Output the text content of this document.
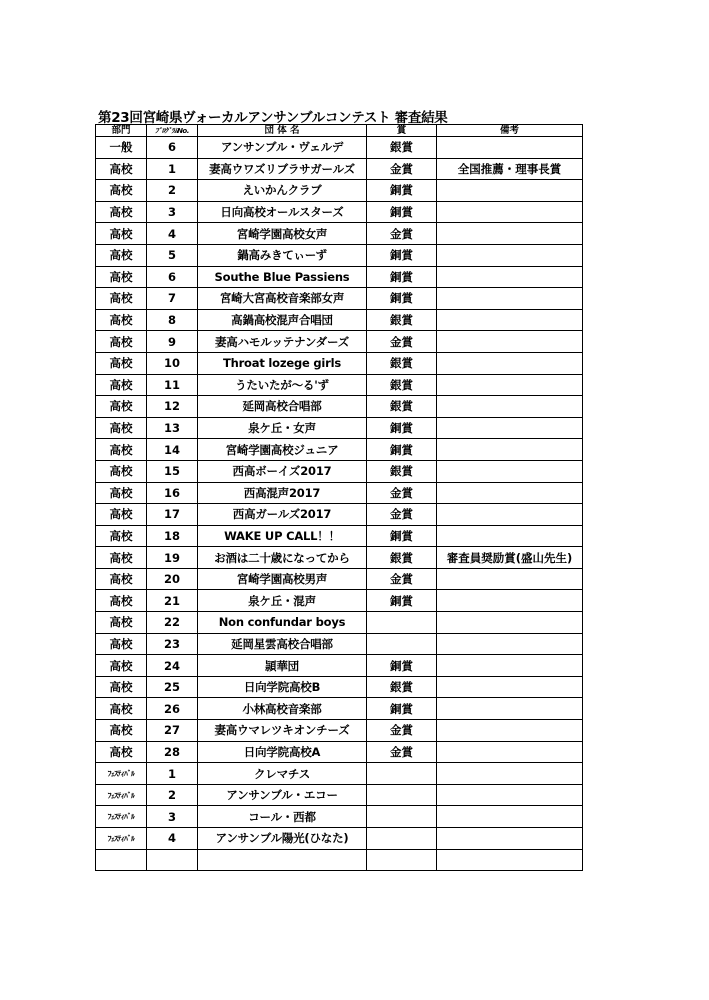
第23回宮崎県ヴォーカルアンサンブルコンテスト 審査結果
部門	ﾌﾟﾛｸﾞﾗﾑNo.	団 体 名	賞	備考
一般	6	アンサンブル・ヴェルデ	銀賞	
高校	1	妻高ウワズリブラサガールズ	金賞	全国推薦・理事長賞
高校	2	えいかんクラブ	銅賞	
高校	3	日向高校オールスターズ	銅賞	
高校	4	宮崎学園高校女声	金賞	
高校	5	鍋高みきてぃーず	銅賞	
高校	6	Southe Blue Passiens	銅賞	
高校	7	宮崎大宮高校音楽部女声	銅賞	
高校	8	高鍋高校混声合唱団	銀賞	
高校	9	妻高ハモルッテナンダーズ	金賞	
高校	10	Throat lozege girls	銀賞	
高校	11	うたいたが～る'ず	銀賞	
高校	12	延岡高校合唱部	銀賞	
高校	13	泉ケ丘・女声	銅賞	
高校	14	宮崎学園高校ジュニア	銅賞	
高校	15	西高ボーイズ2017	銀賞	
高校	16	西高混声2017	金賞	
高校	17	西高ガールズ2017	金賞	
高校	18	WAKE UP CALL！！	銅賞	
高校	19	お酒は二十歳になってから	銀賞	審査員奨励賞(盛山先生)
高校	20	宮崎学園高校男声	金賞	
高校	21	泉ケ丘・混声	銅賞	
高校	22	Non confundar boys		
高校	23	延岡星雲高校合唱部		
高校	24	頴華団	銅賞	
高校	25	日向学院高校B	銀賞	
高校	26	小林高校音楽部	銅賞	
高校	27	妻高ウマレツキオンチーズ	金賞	
高校	28	日向学院高校A	金賞	
ﾌｪｽﾃｨﾊﾞﾙ	1	クレマチス		
ﾌｪｽﾃｨﾊﾞﾙ	2	アンサンブル・エコー		
ﾌｪｽﾃｨﾊﾞﾙ	3	コール・西都		
ﾌｪｽﾃｨﾊﾞﾙ	4	アンサンブル陽光(ひなた)		
